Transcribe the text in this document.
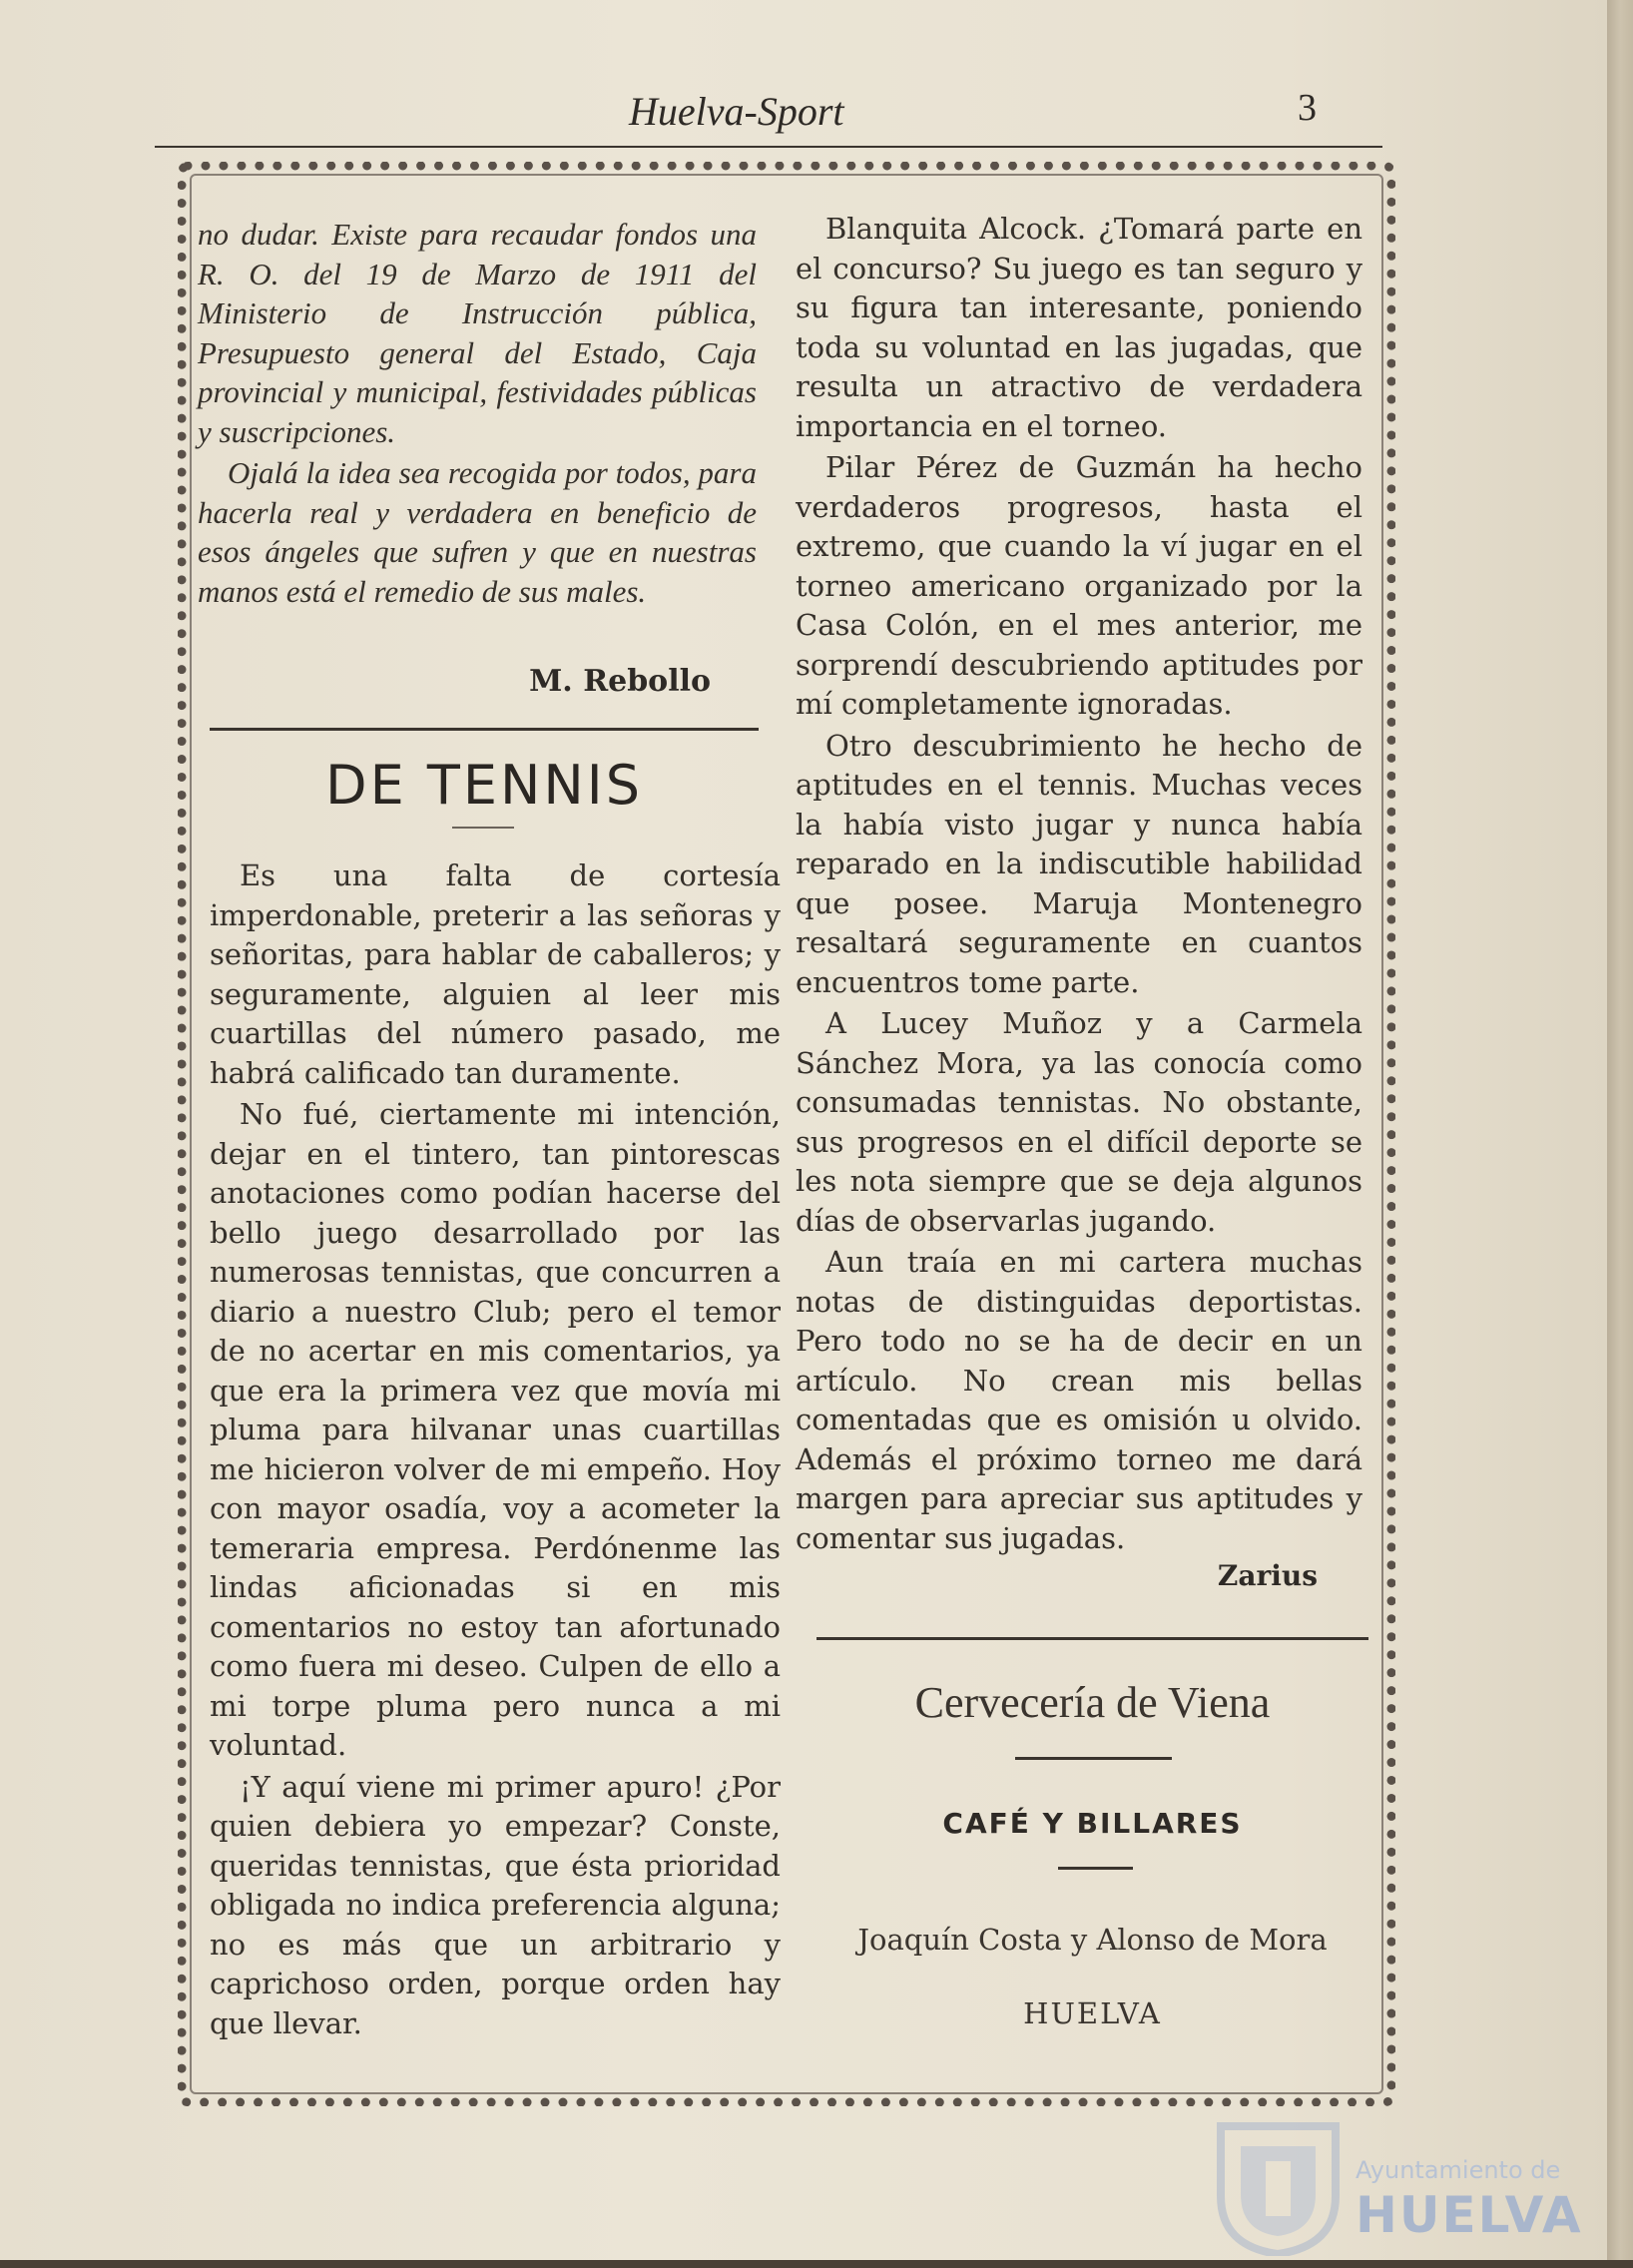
Huelva-Sport	3

no dudar. Existe para recaudar fondos una R. O. del 19 de Marzo de 1911 del Ministerio de Instrucción pública, Presupuesto general del Estado, Caja provincial y municipal, festividades públicas y suscripciones.

Ojalá la idea sea recogida por todos, para hacerla real y verdadera en beneficio de esos ángeles que sufren y que en nuestras manos está el remedio de sus males.

M. Rebollo
DE TENNIS

Es una falta de cortesía imperdonable, preterir a las señoras y señoritas, para hablar de caballeros; y seguramente, alguien al leer mis cuartillas del número pasado, me habrá calificado tan duramente.

No fué, ciertamente mi intención, dejar en el tintero, tan pintorescas anotaciones como podían hacerse del bello juego desarrollado por las numerosas tennistas, que concurren a diario a nuestro Club; pero el temor de no acertar en mis comentarios, ya que era la primera vez que movía mi pluma para hilvanar unas cuartillas me hicieron volver de mi empeño. Hoy con mayor osadía, voy a acometer la temeraria empresa. Perdónenme las lindas aficionadas si en mis comentarios no estoy tan afortunado como fuera mi deseo. Culpen de ello a mi torpe pluma pero nunca a mi voluntad.

¡Y aquí viene mi primer apuro! ¿Por quien debiera yo empezar? Conste, queridas tennistas, que ésta prioridad obligada no indica preferencia alguna; no es más que un arbitrario y caprichoso orden, porque orden hay que llevar.

Blanquita Alcock. ¿Tomará parte en el concurso? Su juego es tan seguro y su figura tan interesante, poniendo toda su voluntad en las jugadas, que resulta un atractivo de verdadera importancia en el torneo.

Pilar Pérez de Guzmán ha hecho verdaderos progresos, hasta el extremo, que cuando la ví jugar en el torneo americano organizado por la Casa Colón, en el mes anterior, me sorprendí descubriendo aptitudes por mí completamente ignoradas.

Otro descubrimiento he hecho de aptitudes en el tennis. Muchas veces la había visto jugar y nunca había reparado en la indiscutible habilidad que posee. Maruja Montenegro resaltará seguramente en cuantos encuentros tome parte.

A Lucey Muñoz y a Carmela Sánchez Mora, ya las conocía como consumadas tennistas. No obstante, sus progresos en el difícil deporte se les nota siempre que se deja algunos días de observarlas jugando.

Aun traía en mi cartera muchas notas de distinguidas deportistas. Pero todo no se ha de decir en un artículo. No crean mis bellas comentadas que es omisión u olvido. Además el próximo torneo me dará margen para apreciar sus aptitudes y comentar sus jugadas.

Zarius
Cervecería de Viena
CAFÉ Y BILLARES
Joaquín Costa y Alonso de Mora
HUELVA
Ayuntamiento de
HUELVA
